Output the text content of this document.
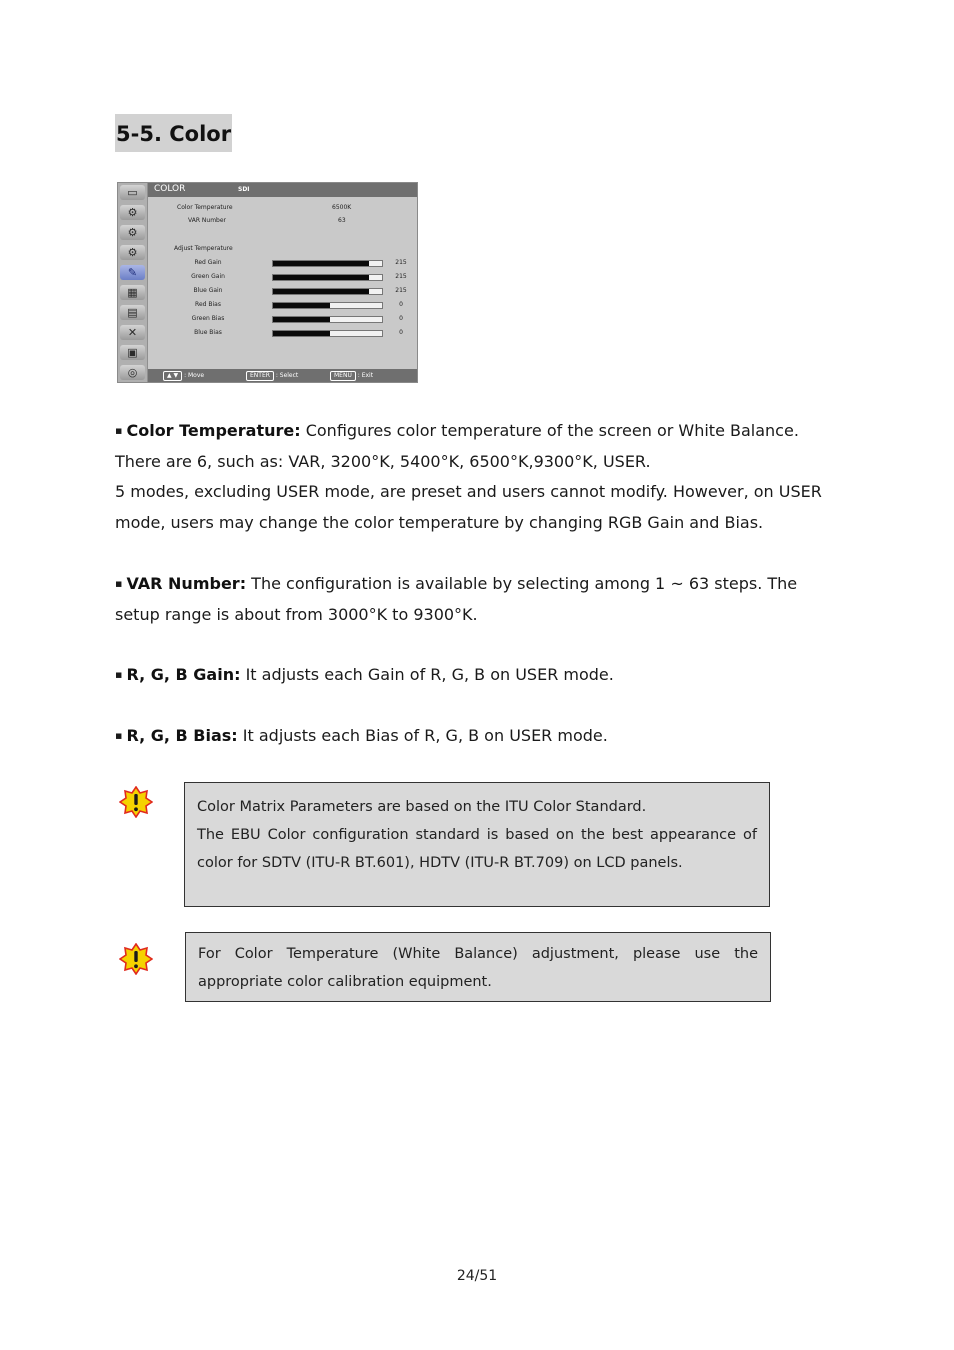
5-5. Color
▭
⚙
⚙
⚙
✎
▦
▤
✕
▣
◎
COLOR	SDI
Color Temperature	6500K
VAR Number	63
Adjust Temperature
▲ ▼ : Move	ENTER : Select	MENU : Exit
Red Gain	215
Green Gain	215
Blue Gain	215
Red Bias	0
Green Bias	0
Blue Bias	0
▪ Color Temperature: Configures color temperature of the screen or White Balance.
There are 6, such as: VAR, 3200°K, 5400°K, 6500°K,9300°K, USER.
5 modes, excluding USER mode, are preset and users cannot modify. However, on USER
mode, users may change the color temperature by changing RGB Gain and Bias.
▪ VAR Number: The configuration is available by selecting among 1 ~ 63 steps. The
setup range is about from 3000°K to 9300°K.
▪ R, G, B Gain: It adjusts each Gain of R, G, B on USER mode.
▪ R, G, B Bias: It adjusts each Bias of R, G, B on USER mode.
Color Matrix Parameters are based on the ITU Color Standard.
The EBU Color configuration standard is based on the best appearance of color for SDTV (ITU-R BT.601), HDTV (ITU-R BT.709) on LCD panels.
For Color Temperature (White Balance) adjustment, please use the appropriate color calibration equipment.
24/51
